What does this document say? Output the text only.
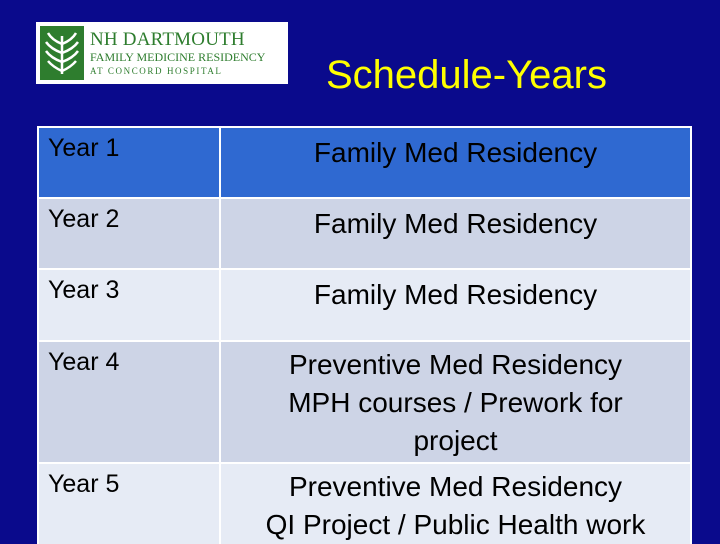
NH DARTMOUTH
FAMILY MEDICINE RESIDENCY
AT CONCORD HOSPITAL	Schedule-Years
Year 1	Family Med Residency

Year 2	Family Med Residency

Year 3	Family Med Residency

Year 4	Preventive Med Residency
MPH courses / Prework for
project

Year 5	Preventive Med Residency
QI Project / Public Health work
